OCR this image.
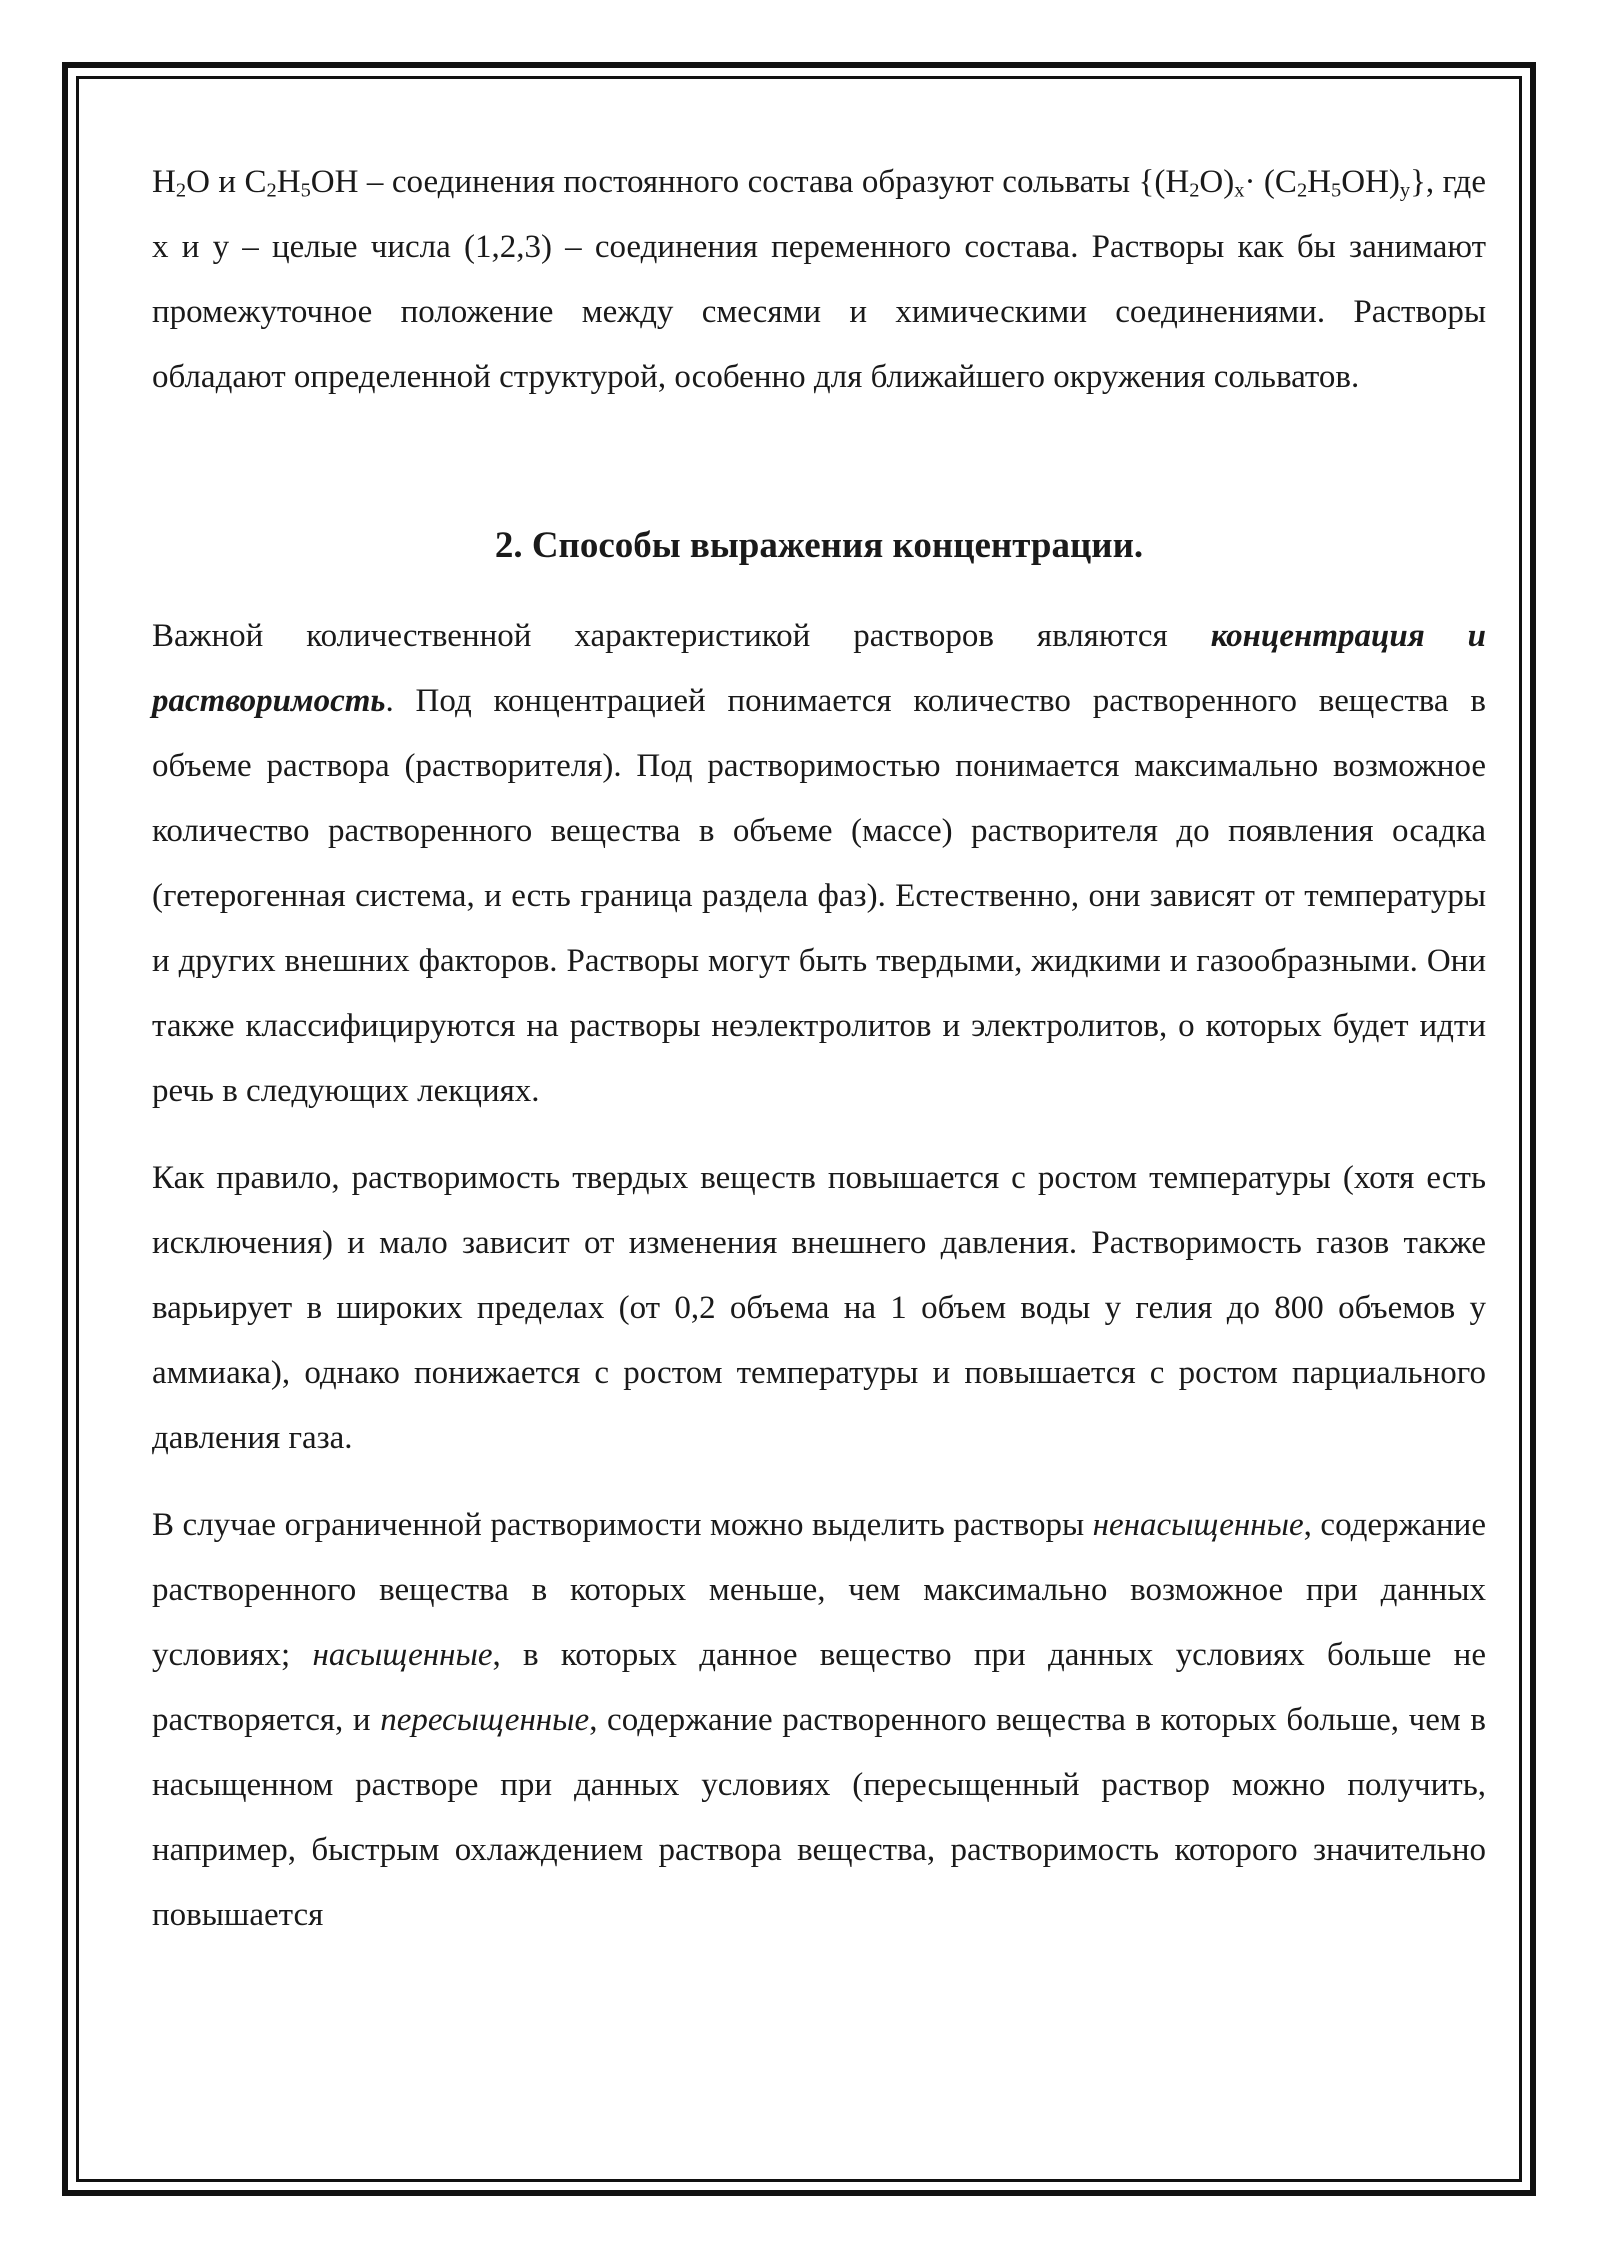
$H_2O$ и $C_2H_5OH$ – соединения постоянного состава образуют сольваты $\{(H_2O)_x\cdot (C_2H_5OH)_y\}$, где x и y – целые числа (1,2,3) – соединения переменного состава. Растворы как бы занимают промежуточное положение между смесями и химическими соединениями. Растворы обладают определенной структурой, особенно для ближайшего окружения сольватов.

2. Способы выражения концентрации.

Важной количественной характеристикой растворов являются концентрация и растворимость. Под концентрацией понимается количество растворенного вещества в объеме раствора (растворителя). Под растворимостью понимается максимально возможное количество растворенного вещества в объеме (массе) растворителя до появления осадка (гетерогенная система, и есть граница раздела фаз). Естественно, они зависят от температуры и других внешних факторов. Растворы могут быть твердыми, жидкими и газообразными. Они также классифицируются на растворы неэлектролитов и электролитов, о которых будет идти речь в следующих лекциях.

Как правило, растворимость твердых веществ повышается с ростом температуры (хотя есть исключения) и мало зависит от изменения внешнего давления. Растворимость газов также варьирует в широких пределах (от 0,2 объема на 1 объем воды у гелия до 800 объемов у аммиака), однако понижается с ростом температуры и повышается с ростом парциального давления газа.

В случае ограниченной растворимости можно выделить растворы ненасыщенные, содержание растворенного вещества в которых меньше, чем максимально возможное при данных условиях; насыщенные, в которых данное вещество при данных условиях больше не растворяется, и пересыщенные, содержание растворенного вещества в которых больше, чем в насыщенном растворе при данных условиях (пересыщенный раствор можно получить, например, быстрым охлаждением раствора вещества, растворимость которого значительно повышается
